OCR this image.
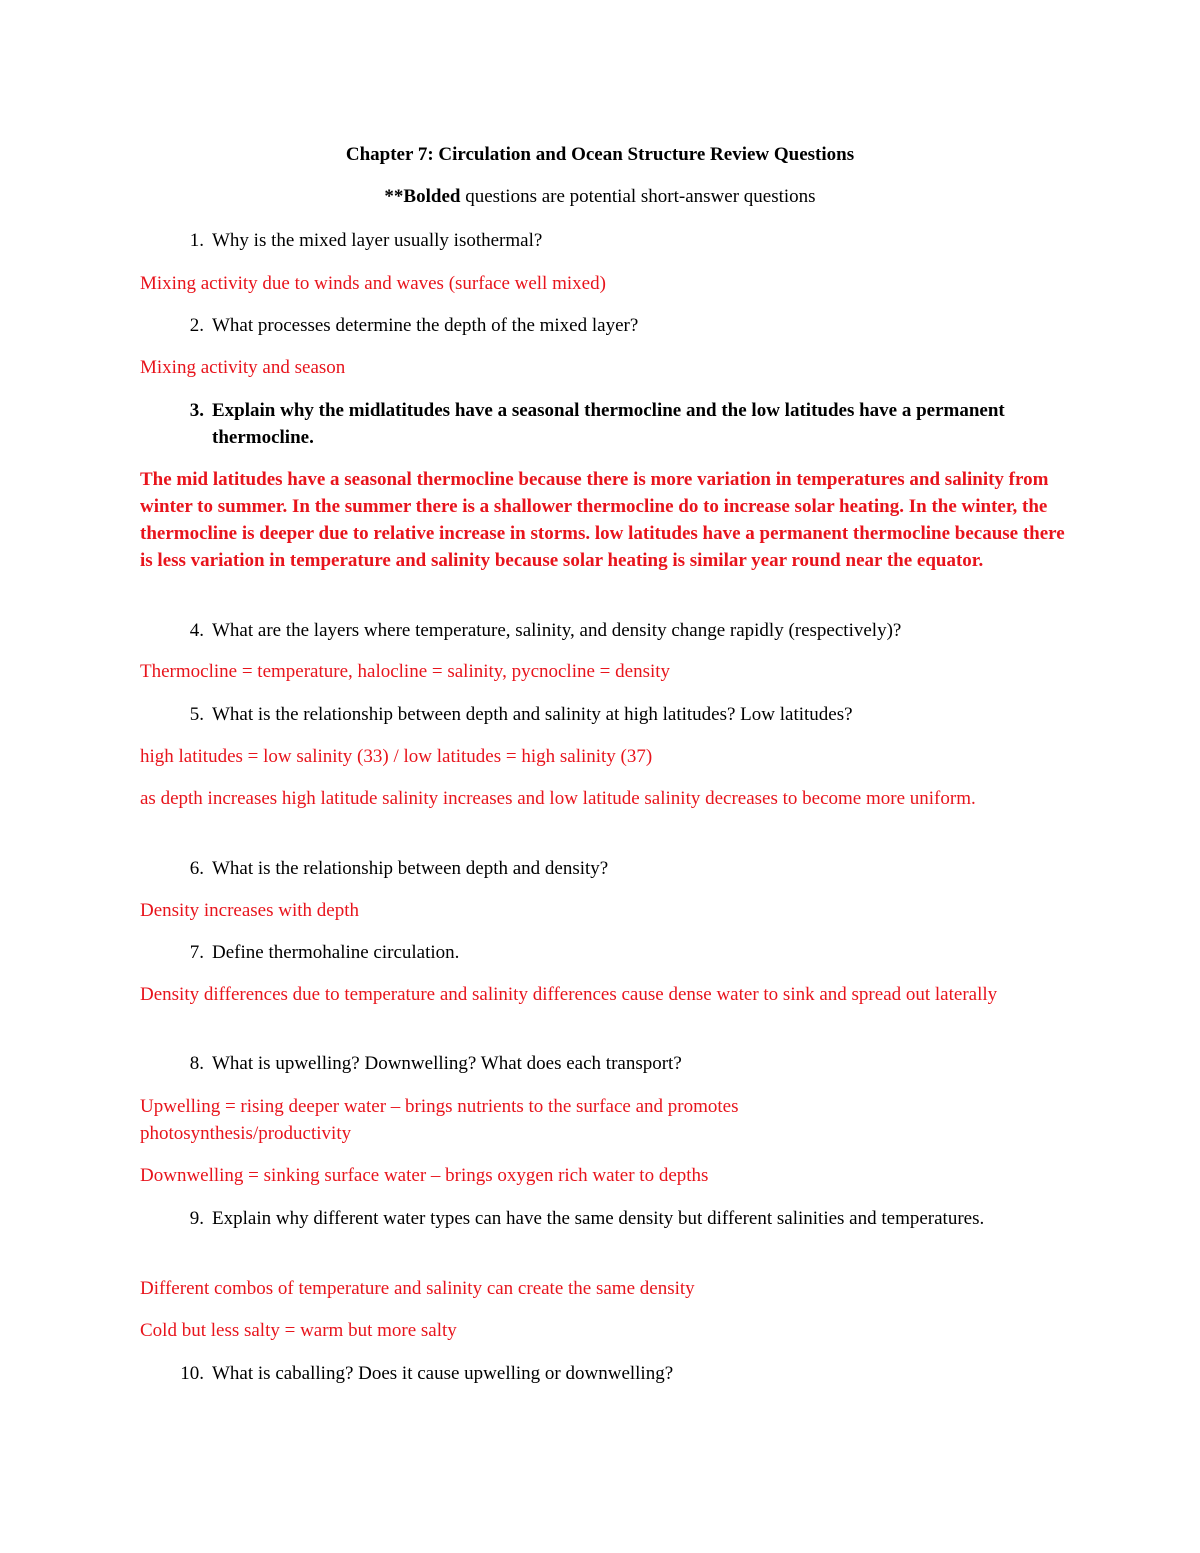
Chapter 7: Circulation and Ocean Structure Review Questions
**Bolded questions are potential short-answer questions
1. Why is the mixed layer usually isothermal?
Mixing activity due to winds and waves (surface well mixed)
2. What processes determine the depth of the mixed layer?
Mixing activity and season
3. Explain why the midlatitudes have a seasonal thermocline and the low latitudes have a permanent thermocline.
The mid latitudes have a seasonal thermocline because there is more variation in temperatures and salinity from winter to summer. In the summer there is a shallower thermocline do to increase solar heating. In the winter, the thermocline is deeper due to relative increase in storms. low latitudes have a permanent thermocline because there is less variation in temperature and salinity because solar heating is similar year round near the equator.
4. What are the layers where temperature, salinity, and density change rapidly (respectively)?
Thermocline = temperature, halocline = salinity, pycnocline = density
5. What is the relationship between depth and salinity at high latitudes? Low latitudes?
high latitudes = low salinity (33) / low latitudes = high salinity (37)
as depth increases high latitude salinity increases and low latitude salinity decreases to become more uniform.
6. What is the relationship between depth and density?
Density increases with depth
7. Define thermohaline circulation.
Density differences due to temperature and salinity differences cause dense water to sink and spread out laterally
8. What is upwelling? Downwelling? What does each transport?
Upwelling = rising deeper water – brings nutrients to the surface and promotes photosynthesis/productivity
Downwelling = sinking surface water – brings oxygen rich water to depths
9. Explain why different water types can have the same density but different salinities and temperatures.
Different combos of temperature and salinity can create the same density
Cold but less salty = warm but more salty
10. What is caballing? Does it cause upwelling or downwelling?
